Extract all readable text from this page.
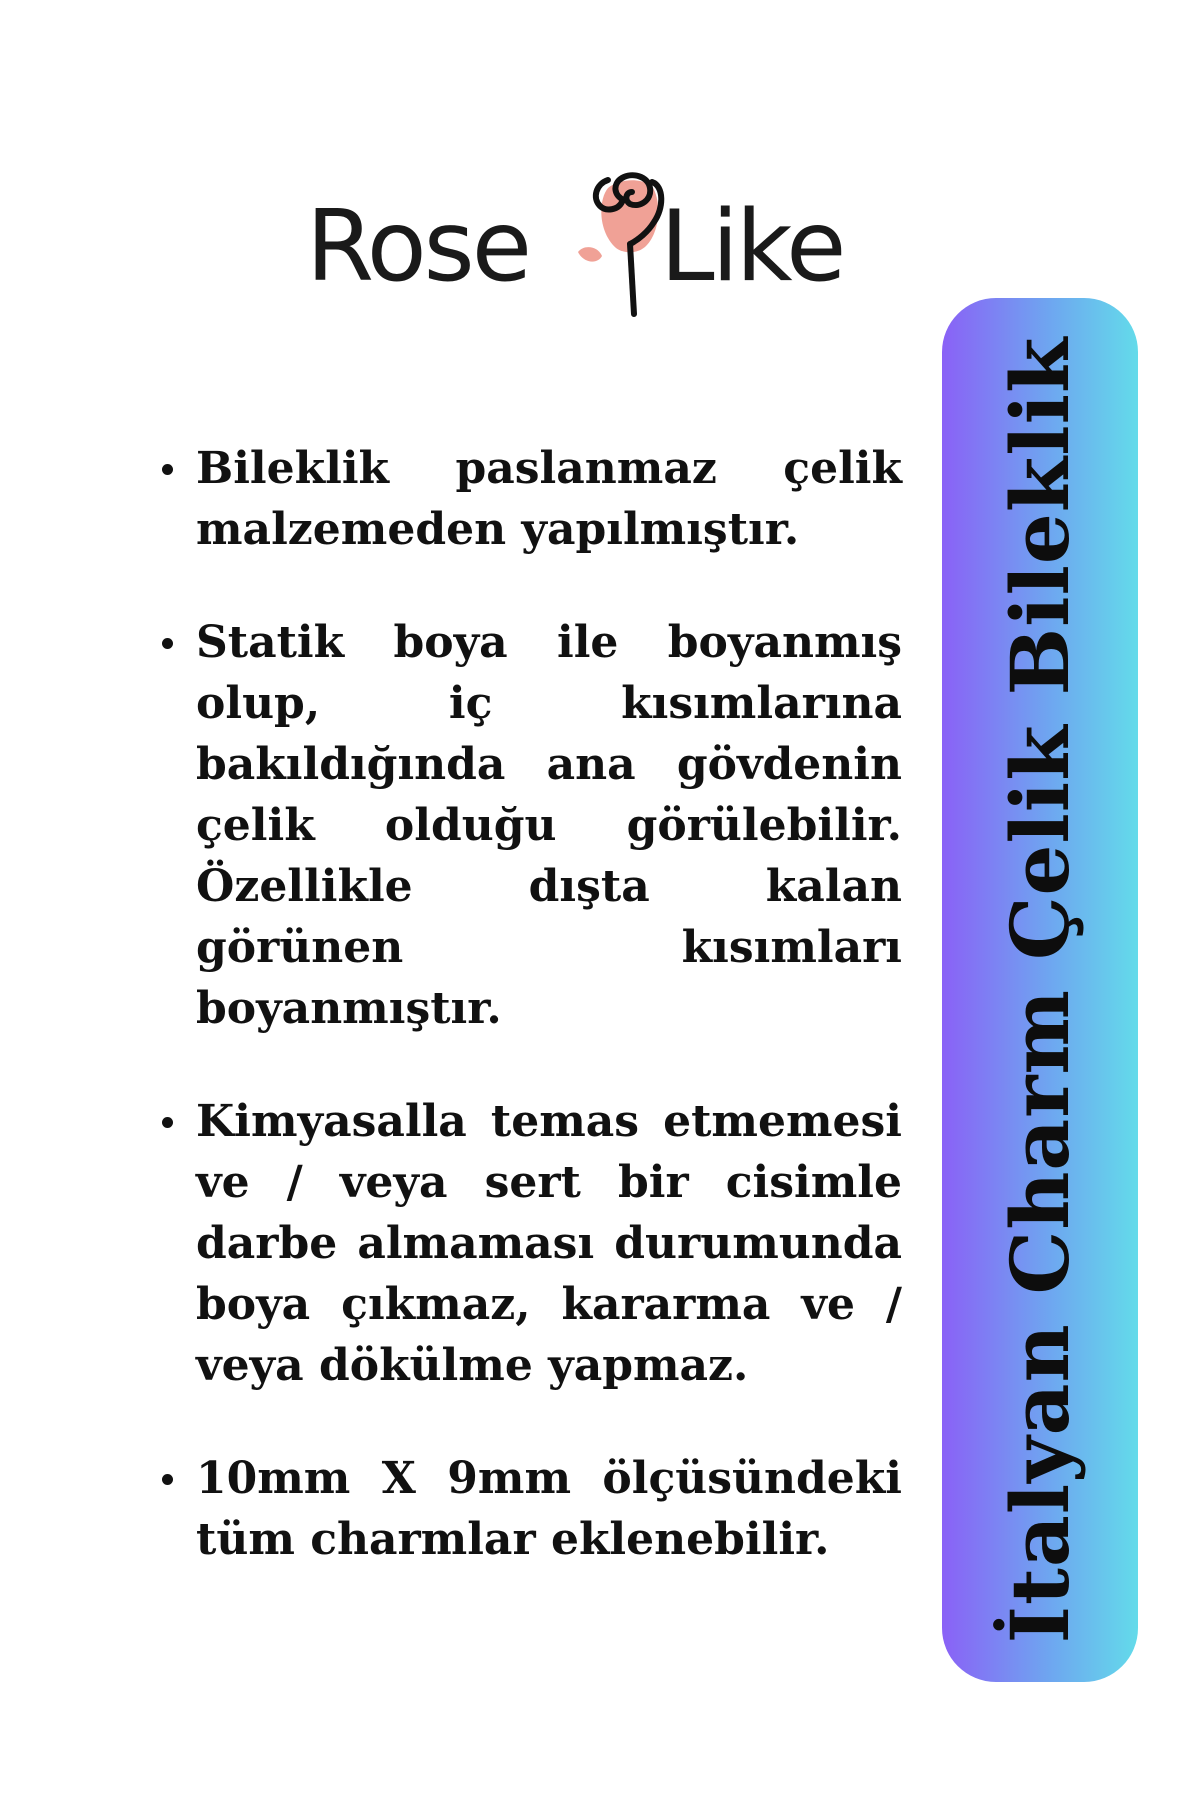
Rose Like
Bileklik paslanmaz çelik malzemeden yapılmıştır.
Statik boya ile boyanmış olup, iç kısımlarına bakıldığında ana gövdenin çelik olduğu görülebilir. Özellikle dışta kalan görünen kısımları boyanmıştır.
Kimyasalla temas etmemesi ve / veya sert bir cisimle darbe almaması durumunda boya çıkmaz, kararma ve / veya dökülme yapmaz.
10mm X 9mm ölçüsündeki tüm charmlar eklenebilir.	İtalyan Charm Çelik Bileklik
